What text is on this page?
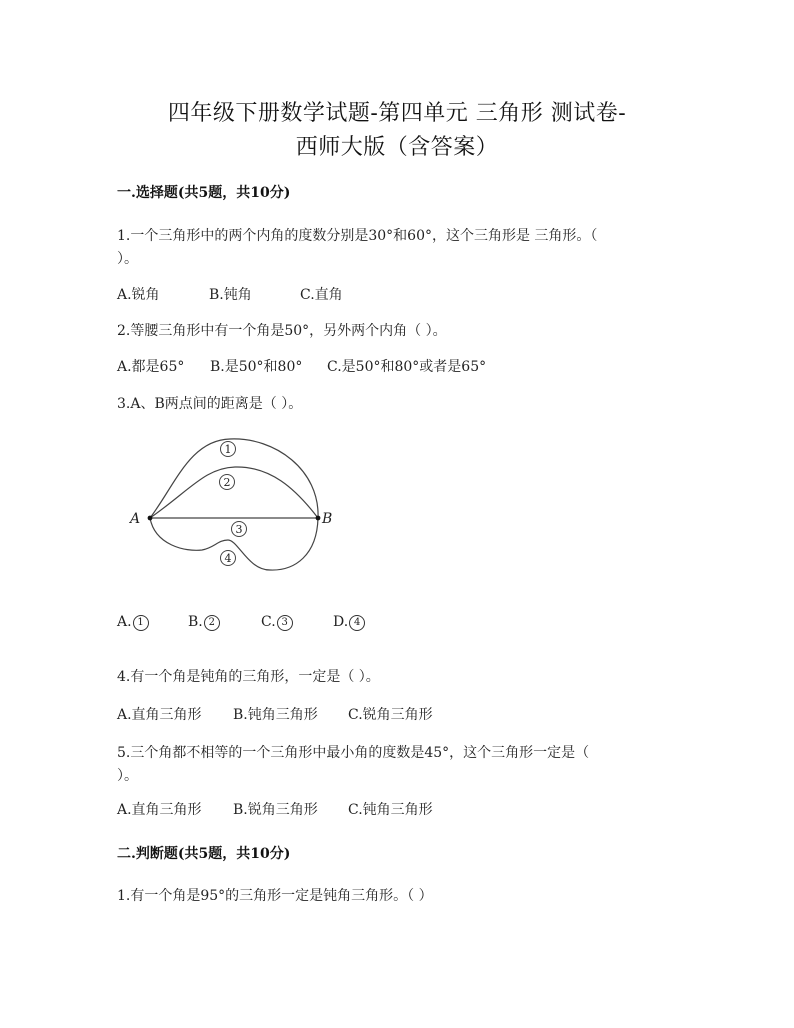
四年级下册数学试题-第四单元 三角形 测试卷-
西师大版（含答案）
一.选择题(共5题，共10分)
1.一个三角形中的两个内角的度数分别是30°和60°，这个三角形是 三角形。（
）。
A.锐角	B.钝角	C.直角
2.等腰三角形中有一个角是50°，另外两个内角（ ）。
A.都是65° B.是50°和80° C.是50°和80°或者是65°
3.A、B两点间的距离是（ ）。
A	B
1
2
3
4
A. 1	B. 2	C. 3	D. 4
4.有一个角是钝角的三角形，一定是（ ）。
A.直角三角形 B.钝角三角形 C.锐角三角形
5.三个角都不相等的一个三角形中最小角的度数是45°，这个三角形一定是（
）。
A.直角三角形 B.锐角三角形 C.钝角三角形
二.判断题(共5题，共10分)
1.有一个角是95°的三角形一定是钝角三角形。（ ）
